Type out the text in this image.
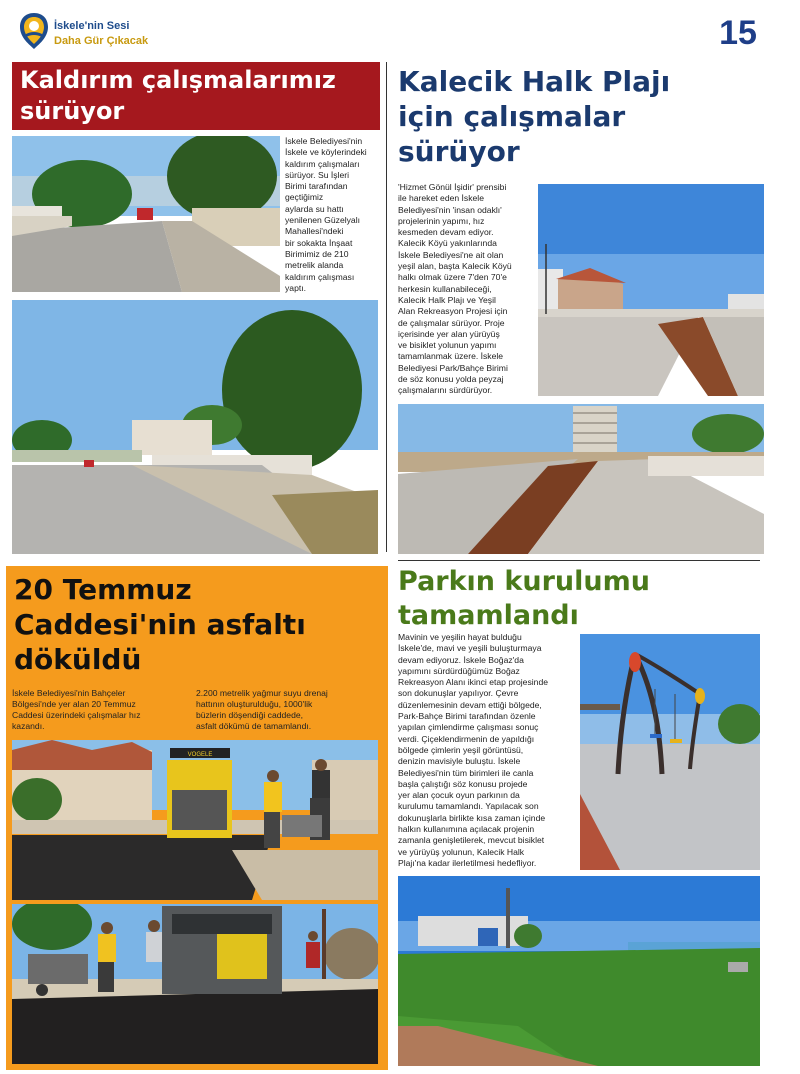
İskele'nin Sesi
Daha Gür Çıkacak	15
Kaldırım çalışmalarımız
sürüyor
İskele Belediyesi'nin
İskele ve köylerindeki
kaldırım çalışmaları
sürüyor. Su İşleri
Birimi tarafından
geçtiğimiz
aylarda su hattı
yenilenen Güzelyalı
Mahallesi'ndeki
bir sokakta İnşaat
Birimimiz de 210
metrelik alanda
kaldırım çalışması
yaptı.
Kalecik Halk Plajı
için çalışmalar
sürüyor
'Hizmet Gönül İşidir' prensibi
ile hareket eden İskele
Belediyesi'nin 'insan odaklı'
projelerinin yapımı, hız
kesmeden devam ediyor.
Kalecik Köyü yakınlarında
İskele Belediyesi'ne ait olan
yeşil alan, başta Kalecik Köyü
halkı olmak üzere 7'den 70'e
herkesin kullanabileceği,
Kalecik Halk Plajı ve Yeşil
Alan Rekreasyon Projesi için
de çalışmalar sürüyor. Proje
içerisinde yer alan yürüyüş
ve bisiklet yolunun yapımı
tamamlanmak üzere. İskele
Belediyesi Park/Bahçe Birimi
de söz konusu yolda peyzaj
çalışmalarını sürdürüyor.
20 Temmuz
Caddesi'nin asfaltı
döküldü
İskele Belediyesi'nin Bahçeler
Bölgesi'nde yer alan 20 Temmuz
Caddesi üzerindeki çalışmalar hız
kazandı.
2.200 metrelik yağmur suyu drenaj
hattının oluşturulduğu, 1000'lik
büzlerin döşendiği caddede,
asfalt dökümü de tamamlandı.
VOGELE
Parkın kurulumu
tamamlandı
Mavinin ve yeşilin hayat bulduğu
İskele'de, mavi ve yeşili buluşturmaya
devam ediyoruz. İskele Boğaz'da
yapımını sürdürdüğümüz Boğaz
Rekreasyon Alanı ikinci etap projesinde
son dokunuşlar yapılıyor. Çevre
düzenlemesinin devam ettiği bölgede,
Park-Bahçe Birimi tarafından özenle
yapılan çimlendirme çalışması sonuç
verdi. Çiçeklendirmenin de yapıldığı
bölgede çimlerin yeşil görüntüsü,
denizin mavisiyle buluştu. İskele
Belediyesi'nin tüm birimleri ile canla
başla çalıştığı söz konusu projede
yer alan çocuk oyun parkının da
kurulumu tamamlandı. Yapılacak son
dokunuşlarla birlikte kısa zaman içinde
halkın kullanımına açılacak projenin
zamanla genişletilerek, mevcut bisiklet
ve yürüyüş yolunun, Kalecik Halk
Plajı'na kadar ilerletilmesi hedefliyor.
